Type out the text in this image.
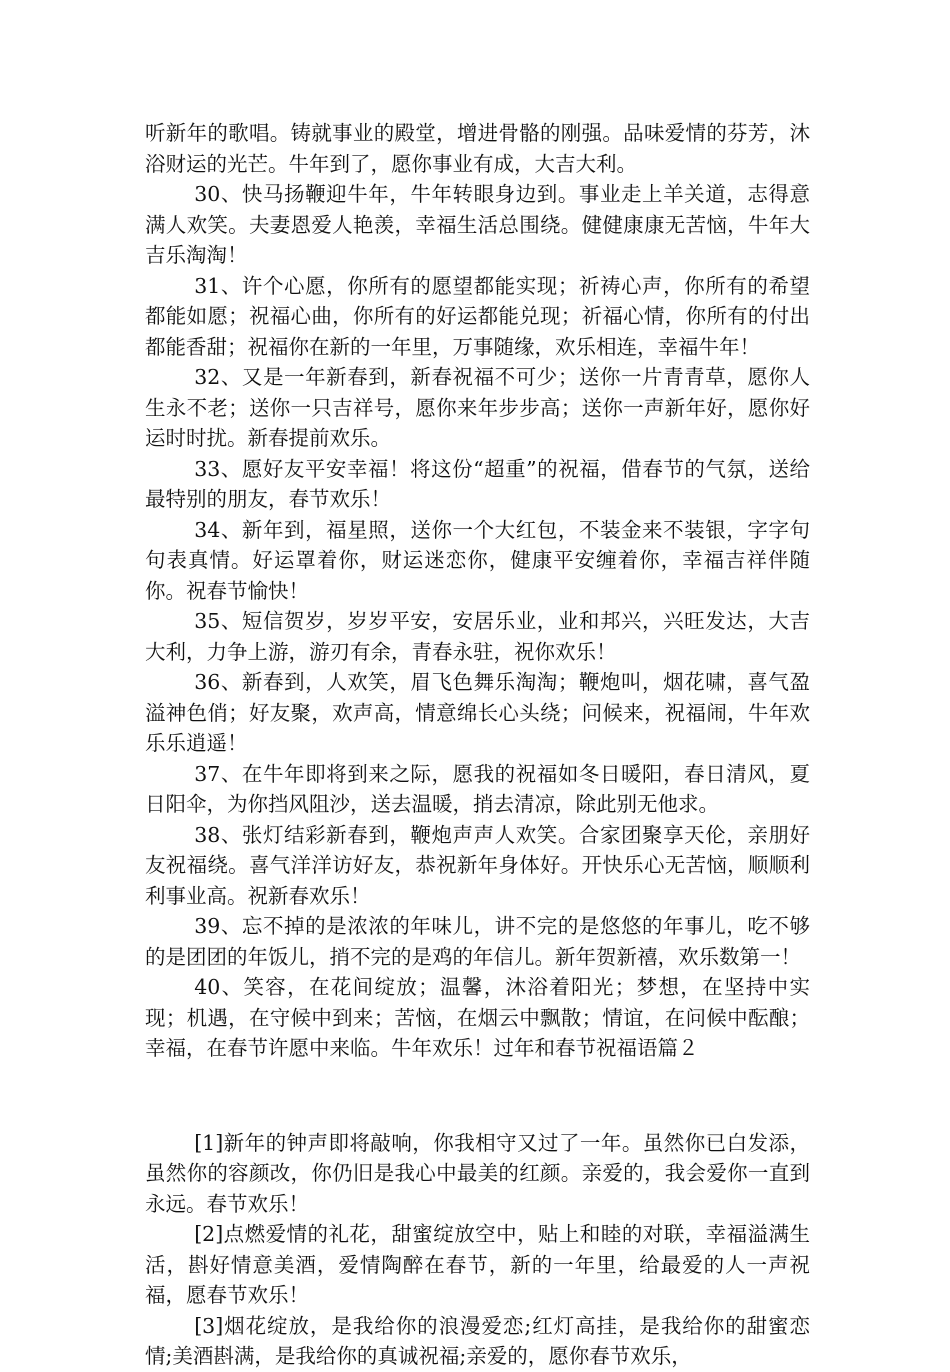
听新年的歌唱。铸就事业的殿堂，增进骨骼的刚强。品味爱情的芬芳，沐浴财运的光芒。牛年到了，愿你事业有成，大吉大利。

30、快马扬鞭迎牛年，牛年转眼身边到。事业走上羊关道，志得意满人欢笑。夫妻恩爱人艳羡，幸福生活总围绕。健健康康无苦恼，牛年大吉乐淘淘！

31、许个心愿，你所有的愿望都能实现；祈祷心声，你所有的希望都能如愿；祝福心曲，你所有的好运都能兑现；祈福心情，你所有的付出都能香甜；祝福你在新的一年里，万事随缘，欢乐相连，幸福牛年！

32、又是一年新春到，新春祝福不可少；送你一片青青草，愿你人生永不老；送你一只吉祥号，愿你来年步步高；送你一声新年好，愿你好运时时扰。新春提前欢乐。

33、愿好友平安幸福！将这份“超重”的祝福，借春节的气氛，送给最特别的朋友，春节欢乐！

34、新年到，福星照，送你一个大红包，不装金来不装银，字字句句表真情。好运罩着你，财运迷恋你，健康平安缠着你，幸福吉祥伴随你。祝春节愉快！

35、短信贺岁，岁岁平安，安居乐业，业和邦兴，兴旺发达，大吉大利，力争上游，游刃有余，青春永驻，祝你欢乐！

36、新春到，人欢笑，眉飞色舞乐淘淘；鞭炮叫，烟花啸，喜气盈溢神色俏；好友聚，欢声高，情意绵长心头绕；问候来，祝福闹，牛年欢乐乐逍遥！

37、在牛年即将到来之际，愿我的祝福如冬日暖阳，春日清风，夏日阳伞，为你挡风阻沙，送去温暖，捎去清凉，除此别无他求。

38、张灯结彩新春到，鞭炮声声人欢笑。合家团聚享天伦，亲朋好友祝福绕。喜气洋洋访好友，恭祝新年身体好。开快乐心无苦恼，顺顺利利事业高。祝新春欢乐！

39、忘不掉的是浓浓的年味儿，讲不完的是悠悠的年事儿，吃不够的是团团的年饭儿，捎不完的是鸡的年信儿。新年贺新禧，欢乐数第一！

40、笑容，在花间绽放；温馨，沐浴着阳光；梦想，在坚持中实现；机遇，在守候中到来；苦恼，在烟云中飘散；情谊，在问候中酝酿；幸福，在春节许愿中来临。牛年欢乐！过年和春节祝福语篇２

[1]新年的钟声即将敲响，你我相守又过了一年。虽然你已白发添，虽然你的容颜改，你仍旧是我心中最美的红颜。亲爱的，我会爱你一直到永远。春节欢乐！

[2]点燃爱情的礼花，甜蜜绽放空中，贴上和睦的对联，幸福溢满生活，斟好情意美酒，爱情陶醉在春节，新的一年里，给最爱的人一声祝福，愿春节欢乐！

[3]烟花绽放，是我给你的浪漫爱恋;红灯高挂，是我给你的甜蜜恋情;美酒斟满，是我给你的真诚祝福;亲爱的，愿你春节欢乐，
